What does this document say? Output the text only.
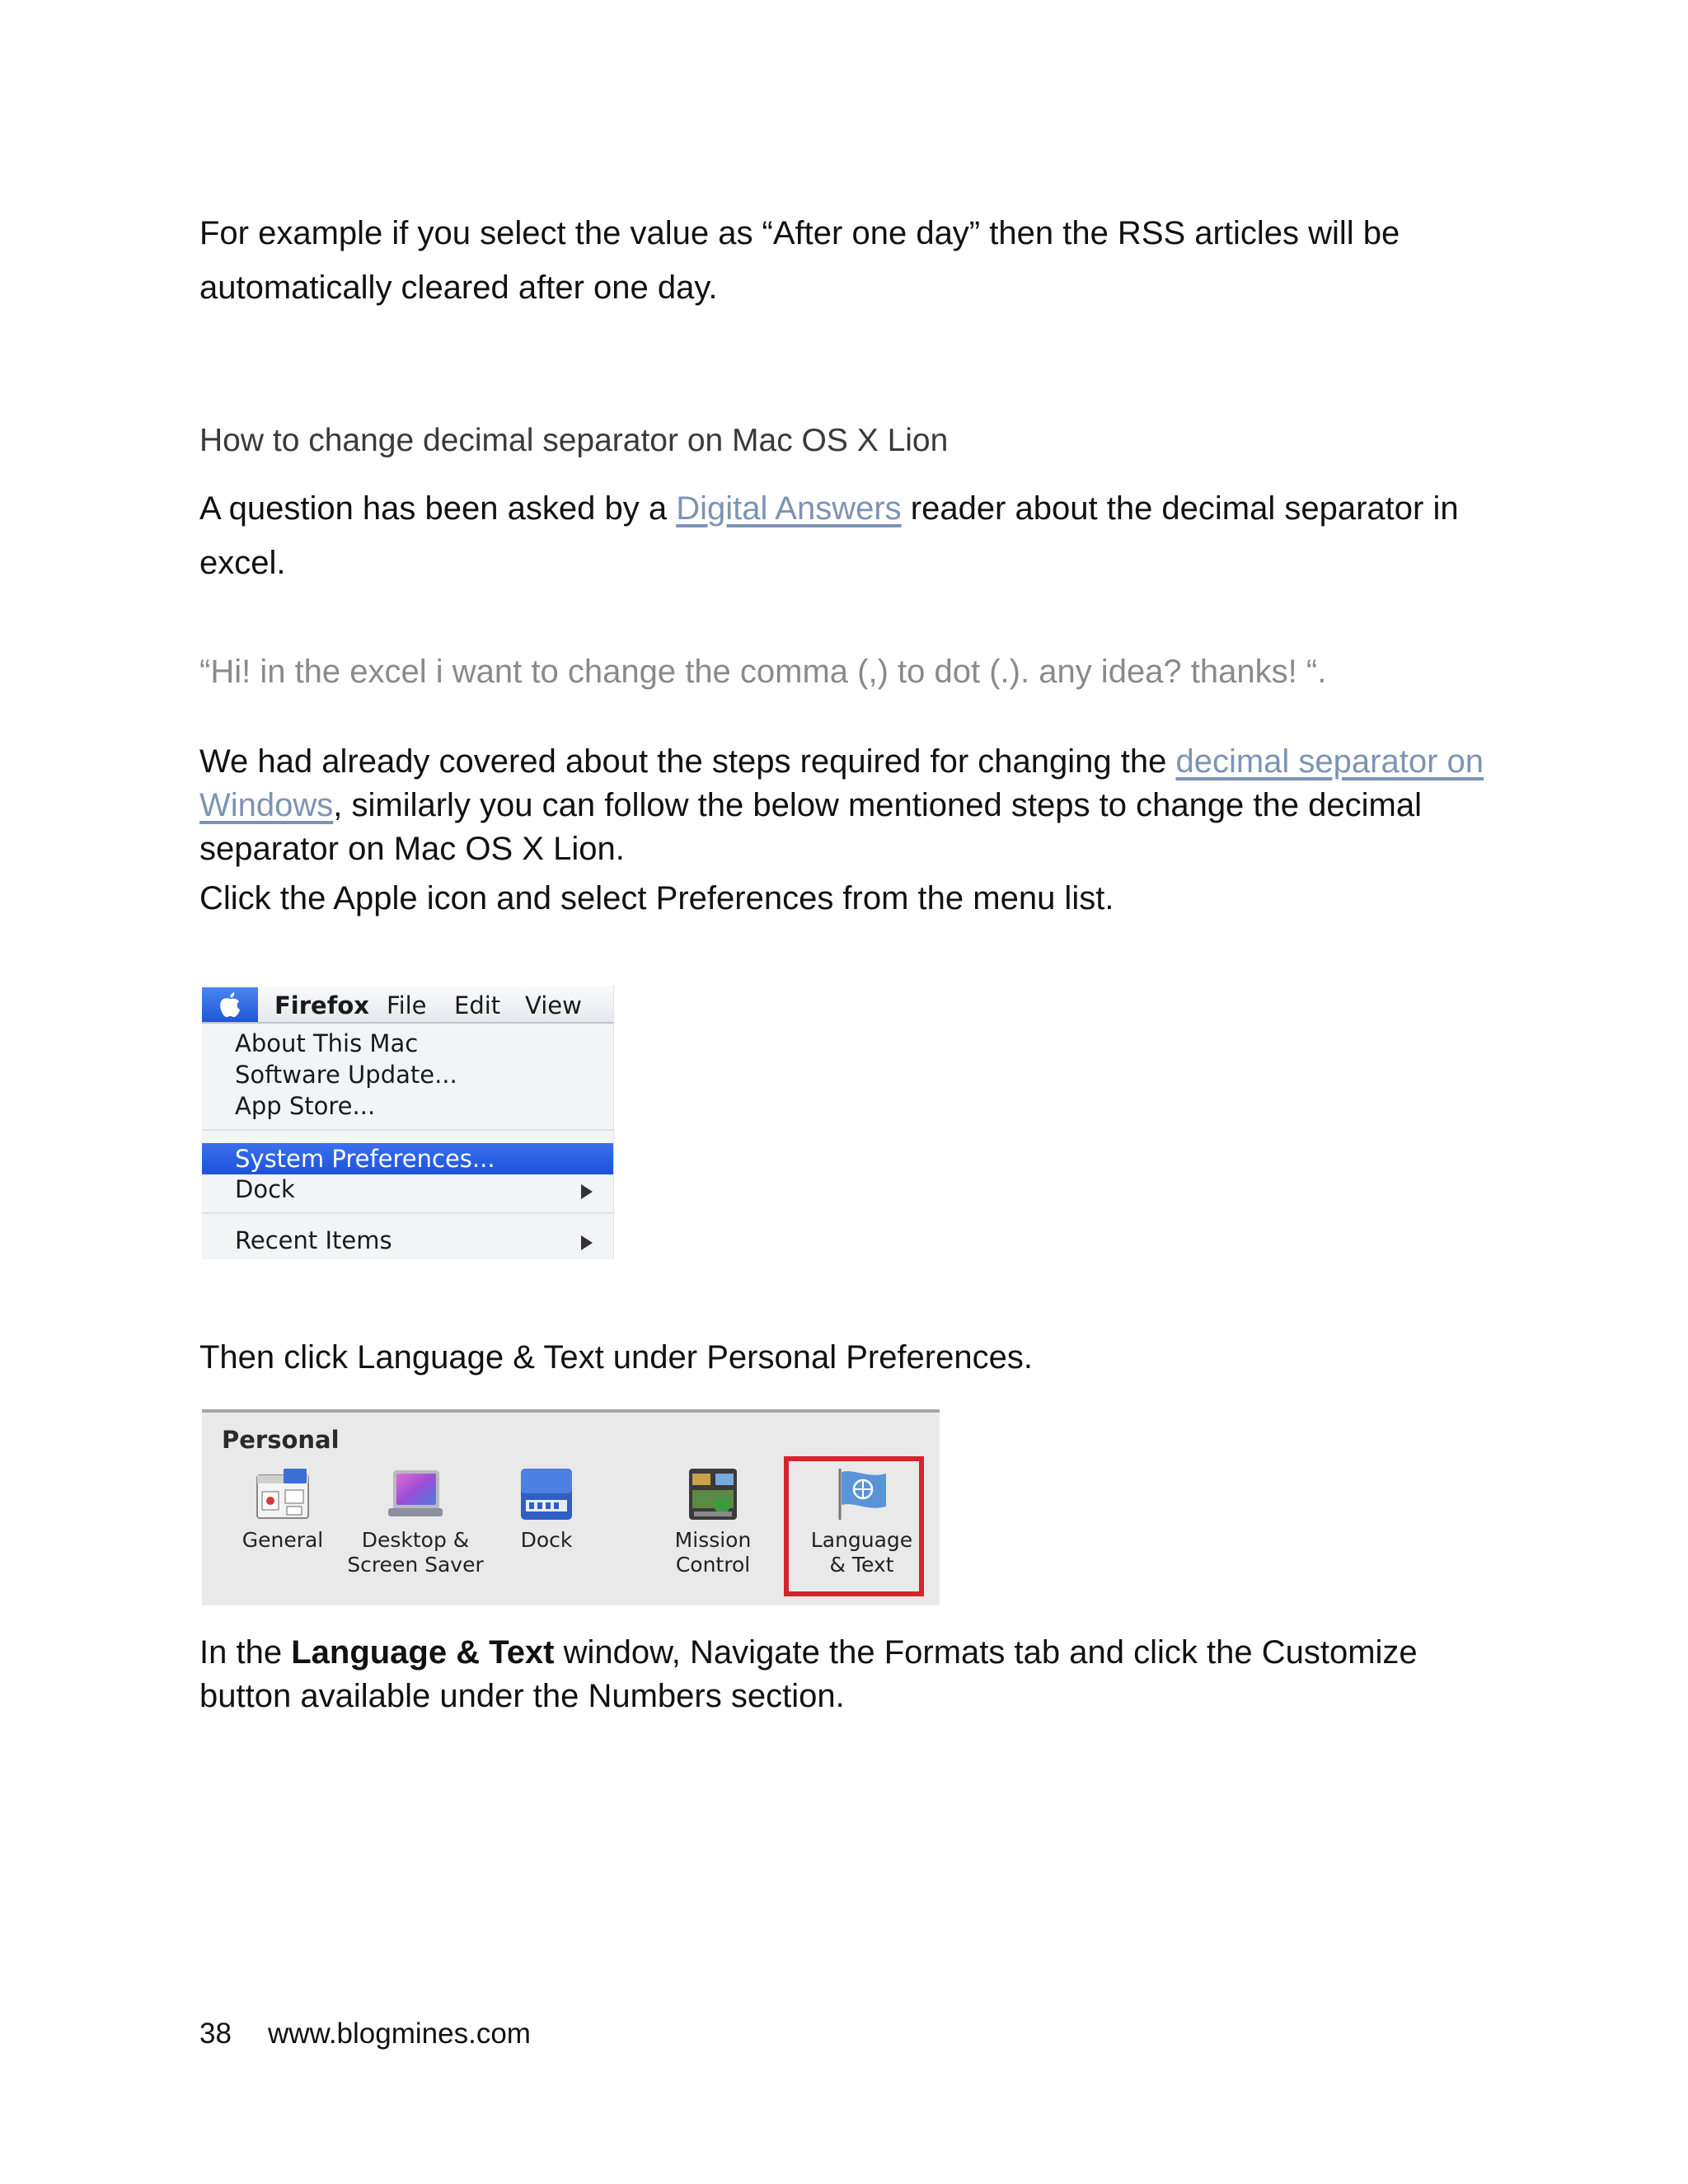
For example if you select the value as “After one day” then the RSS articles will be automatically cleared after one day.

How to change decimal separator on Mac OS X Lion

A question has been asked by a Digital Answers reader about the decimal separator in excel.

“Hi! in the excel i want to change the comma (,) to dot (.). any idea? thanks! “.

We had already covered about the steps required for changing the decimal separator on Windows, similarly you can follow the below mentioned steps to change the decimal separator on Mac OS X Lion.

Click the Apple icon and select Preferences from the menu list.

Firefox File Edit View
About This Mac
Software Update...
App Store...
System Preferences...
Dock
Recent Items

Then click Language & Text under Personal Preferences.

Personal
General	Desktop &
Screen Saver
Dock	Mission
Control
Language
& Text

In the Language & Text window, Navigate the Formats tab and click the Customize button available under the Numbers section.

38 www.blogmines.com
